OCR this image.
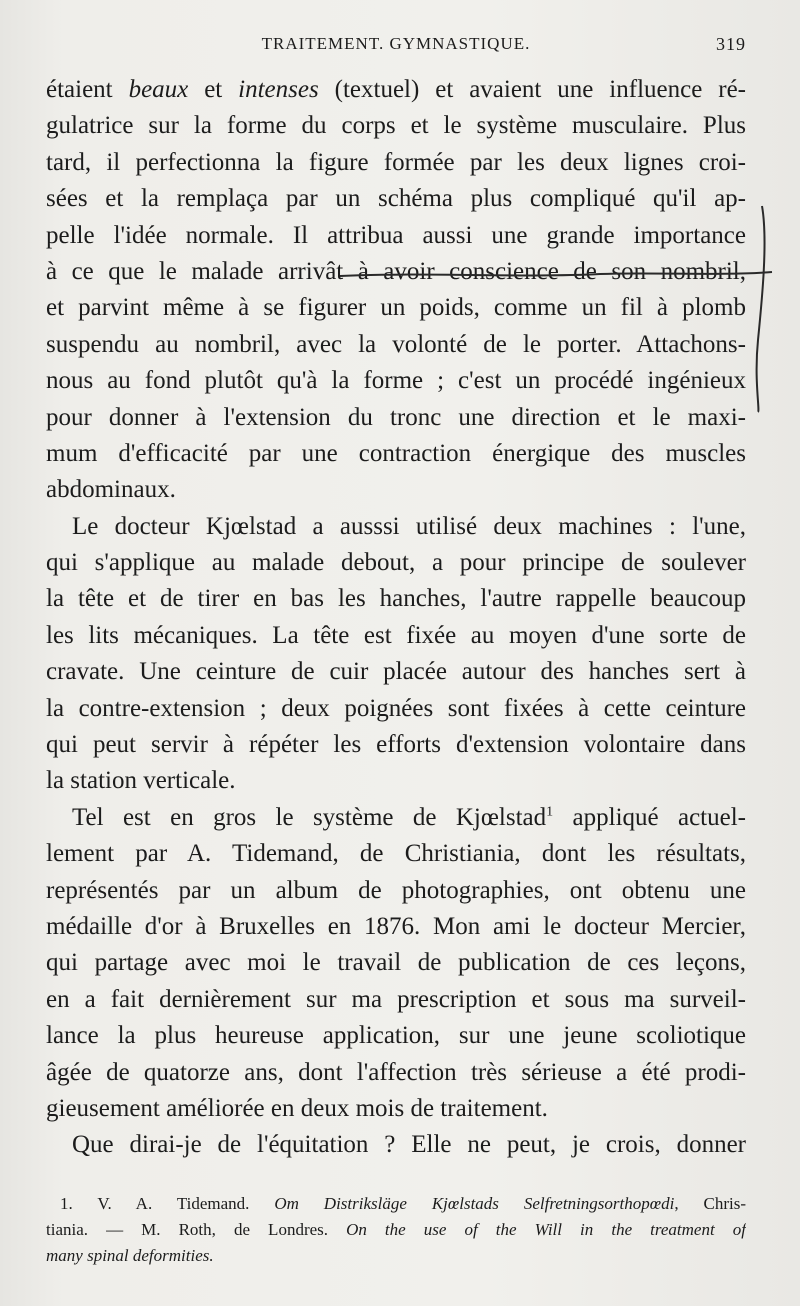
TRAITEMENT. GYMNASTIQUE.	319
étaient beaux et intenses (textuel) et avaient une influence ré-
gulatrice sur la forme du corps et le système musculaire. Plus
tard, il perfectionna la figure formée par les deux lignes croi-
sées et la remplaça par un schéma plus compliqué qu'il ap-
pelle l'idée normale. Il attribua aussi une grande importance
à ce que le malade arrivât à avoir conscience de son nombril,
et parvint même à se figurer un poids, comme un fil à plomb
suspendu au nombril, avec la volonté de le porter. Attachons-
nous au fond plutôt qu'à la forme ; c'est un procédé ingénieux
pour donner à l'extension du tronc une direction et le maxi-
mum d'efficacité par une contraction énergique des muscles
abdominaux.
Le docteur Kjœlstad a ausssi utilisé deux machines : l'une,
qui s'applique au malade debout, a pour principe de soulever
la tête et de tirer en bas les hanches, l'autre rappelle beaucoup
les lits mécaniques. La tête est fixée au moyen d'une sorte de
cravate. Une ceinture de cuir placée autour des hanches sert à
la contre-extension ; deux poignées sont fixées à cette ceinture
qui peut servir à répéter les efforts d'extension volontaire dans
la station verticale.
Tel est en gros le système de Kjœlstad$^1$ appliqué actuel-
lement par A. Tidemand, de Christiania, dont les résultats,
représentés par un album de photographies, ont obtenu une
médaille d'or à Bruxelles en 1876. Mon ami le docteur Mercier,
qui partage avec moi le travail de publication de ces leçons,
en a fait dernièrement sur ma prescription et sous ma surveil-
lance la plus heureuse application, sur une jeune scoliotique
âgée de quatorze ans, dont l'affection très sérieuse a été prodi-
gieusement améliorée en deux mois de traitement.
Que dirai-je de l'équitation ? Elle ne peut, je crois, donner
1. V. A. Tidemand. Om Distriksläge Kjœlstads Selfretningsorthopœdi, Chris-
tiania. — M. Roth, de Londres. On the use of the Will in the treatment of
many spinal deformities.
